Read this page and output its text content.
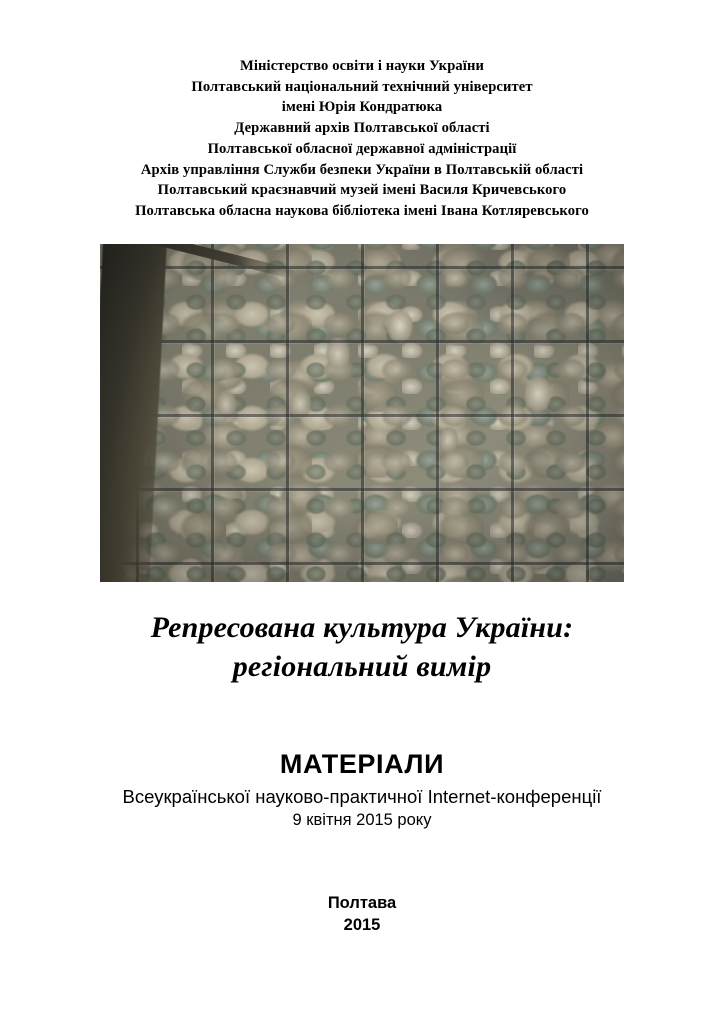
Міністерство освіти і науки України
Полтавський національний технічний університет
імені Юрія Кондратюка
Державний архів Полтавської області
Полтавської обласної державної адміністрації
Архів управління Служби безпеки України в Полтавській області
Полтавський краєзнавчий музей імені Василя Кричевського
Полтавська обласна наукова бібліотека імені Івана Котляревського
Репресована культура України:
регіональний вимір
МАТЕРІАЛИ
Всеукраїнської науково-практичної Internet-конференції
9 квітня 2015 року
Полтава
2015
